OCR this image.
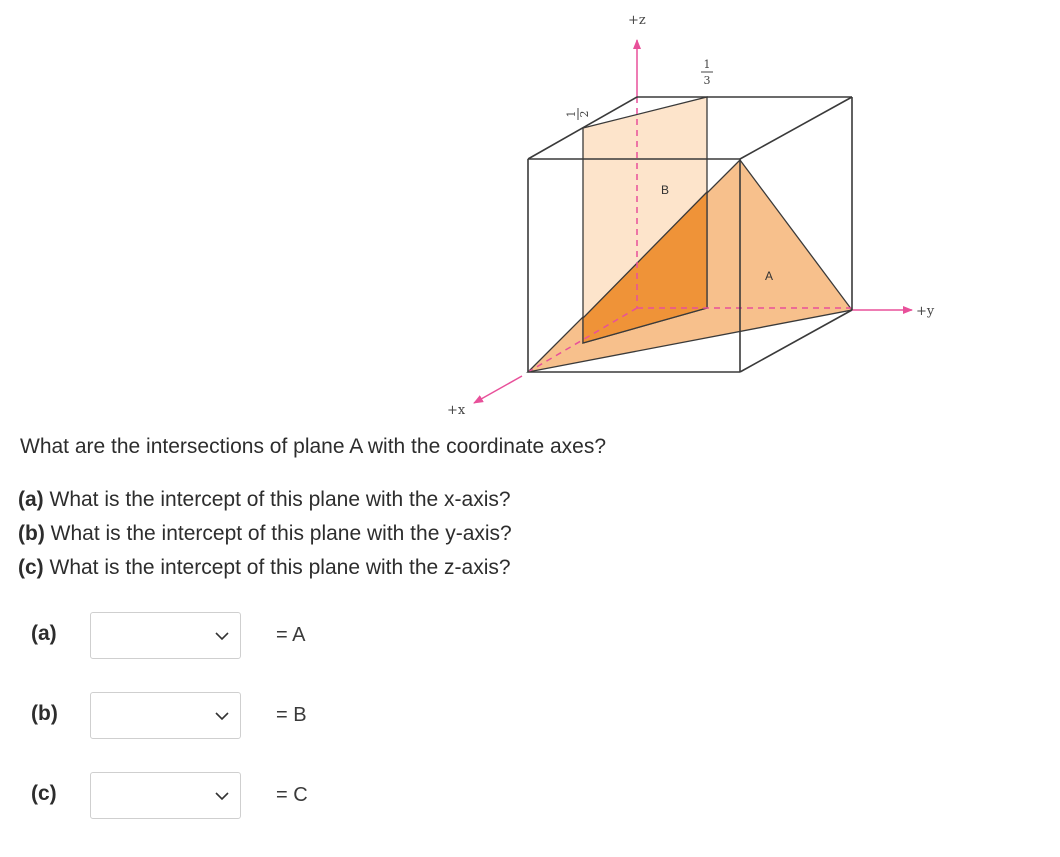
+z
+y
+x
1 2
1
3
B
A
What are the intersections of plane A with the coordinate axes?
(a) What is the intercept of this plane with the x-axis?
(b) What is the intercept of this plane with the y-axis?
(c) What is the intercept of this plane with the z-axis?
(a)	= A
(b)	= B
(c)	= C
